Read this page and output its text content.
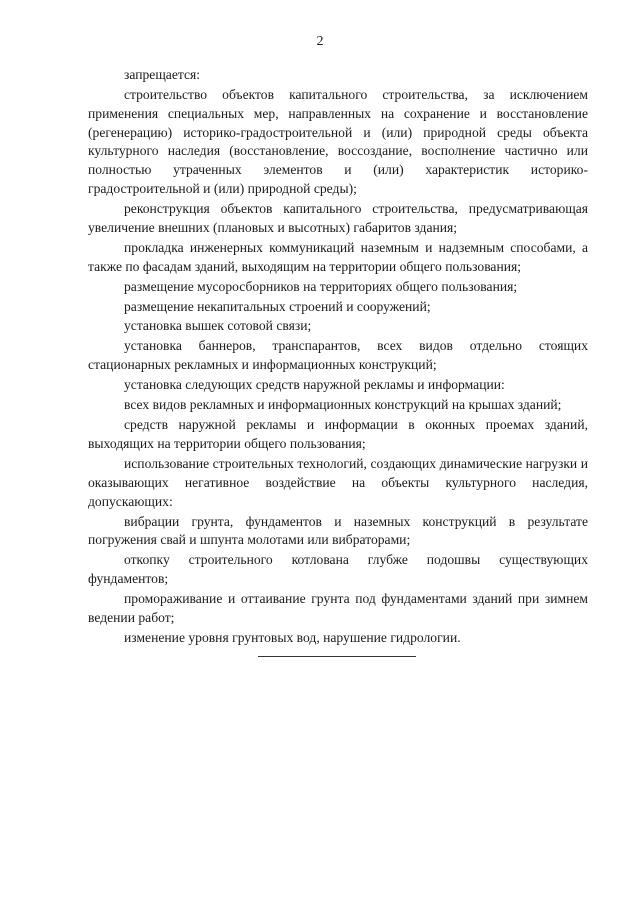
2

запрещается:

строительство объектов капитального строительства, за исключением применения специальных мер, направленных на сохранение и восстановление (регенерацию) историко-градостроительной и (или) природной среды объекта культурного наследия (восстановление, воссоздание, восполнение частично или полностью утраченных элементов и (или) характеристик историко-градостроительной и (или) природной среды);

реконструкция объектов капитального строительства, предусматривающая увеличение внешних (плановых и высотных) габаритов здания;

прокладка инженерных коммуникаций наземным и надземным способами, а также по фасадам зданий, выходящим на территории общего пользования;

размещение мусоросборников на территориях общего пользования;

размещение некапитальных строений и сооружений;

установка вышек сотовой связи;

установка баннеров, транспарантов, всех видов отдельно стоящих стационарных рекламных и информационных конструкций;

установка следующих средств наружной рекламы и информации:

всех видов рекламных и информационных конструкций на крышах зданий;

средств наружной рекламы и информации в оконных проемах зданий, выходящих на территории общего пользования;

использование строительных технологий, создающих динамические нагрузки и оказывающих негативное воздействие на объекты культурного наследия, допускающих:

вибрации грунта, фундаментов и наземных конструкций в результате погружения свай и шпунта молотами или вибраторами;

откопку строительного котлована глубже подошвы существующих фундаментов;

промораживание и оттаивание грунта под фундаментами зданий при зимнем ведении работ;

изменение уровня грунтовых вод, нарушение гидрологии.
